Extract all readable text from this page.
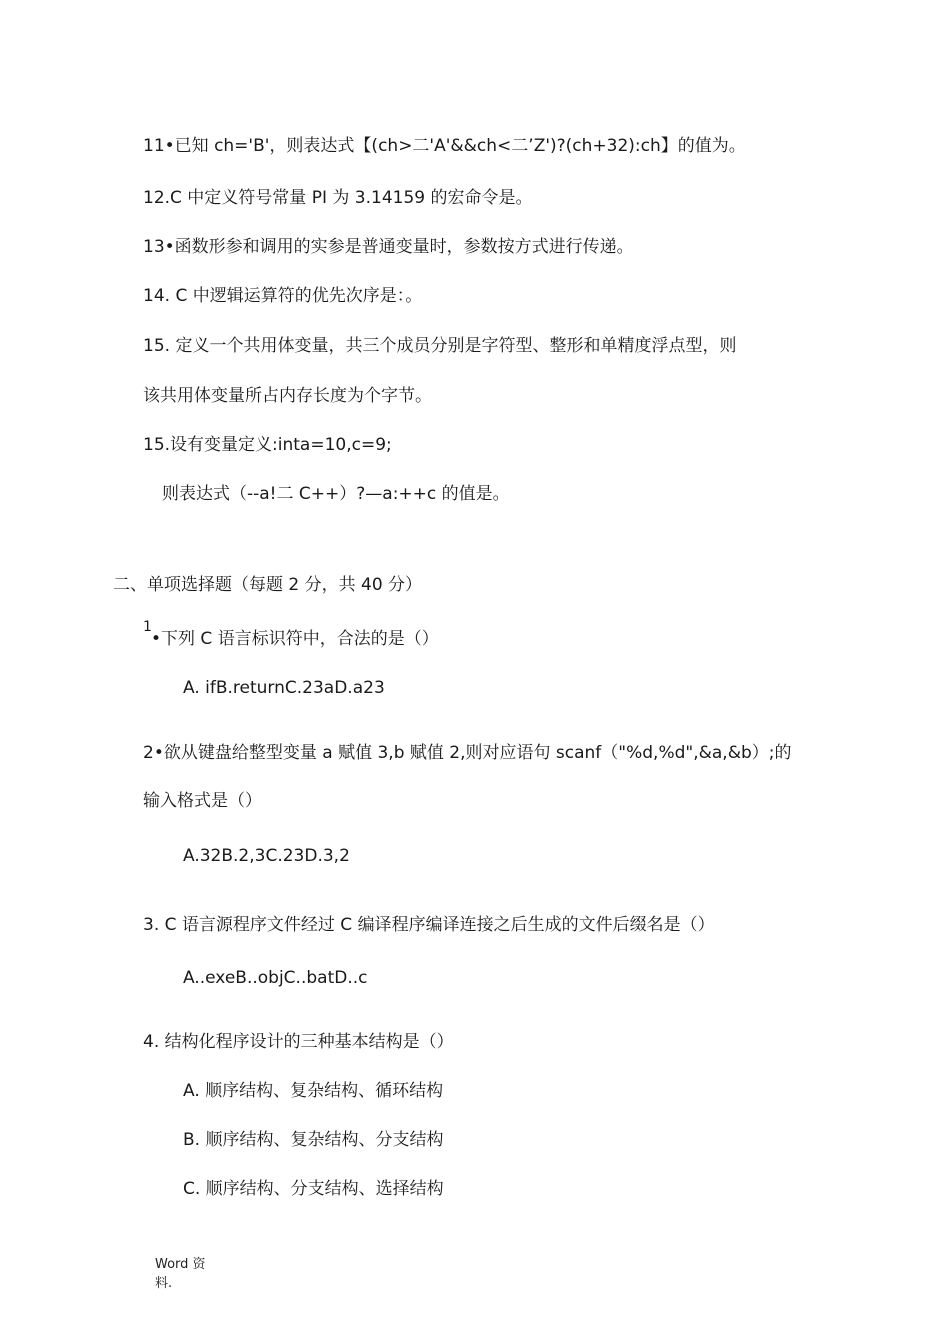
11•已知 ch='B'，则表达式【(ch>二'A'&&ch<二’Z')?(ch+32):ch】的值为。
12.C 中定义符号常量 PI 为 3.14159 的宏命令是。
13•函数形参和调用的实参是普通变量时，参数按方式进行传递。
14. C 中逻辑运算符的优先次序是：。
15. 定义一个共用体变量，共三个成员分别是字符型、整形和单精度浮点型，则
该共用体变量所占内存长度为个字节。
15.设有变量定义:inta=10,c=9;
则表达式（--a!二 C++）?—a:++c 的值是。
二、单项选择题（每题 2 分，共 40 分）
1
•下列 C 语言标识符中，合法的是（）
A. ifB.returnC.23aD.a23
2•欲从键盘给整型变量 a 赋值 3,b 赋值 2,则对应语句 scanf（"%d,%d",&a,&b）;的
输入格式是（）
A.32B.2,3C.23D.3,2
3. C 语言源程序文件经过 C 编译程序编译连接之后生成的文件后缀名是（）
A..exeB..objC..batD..c
4. 结构化程序设计的三种基本结构是（）
A. 顺序结构、复杂结构、循环结构
B. 顺序结构、复杂结构、分支结构
C. 顺序结构、分支结构、选择结构
Word 资
料.
